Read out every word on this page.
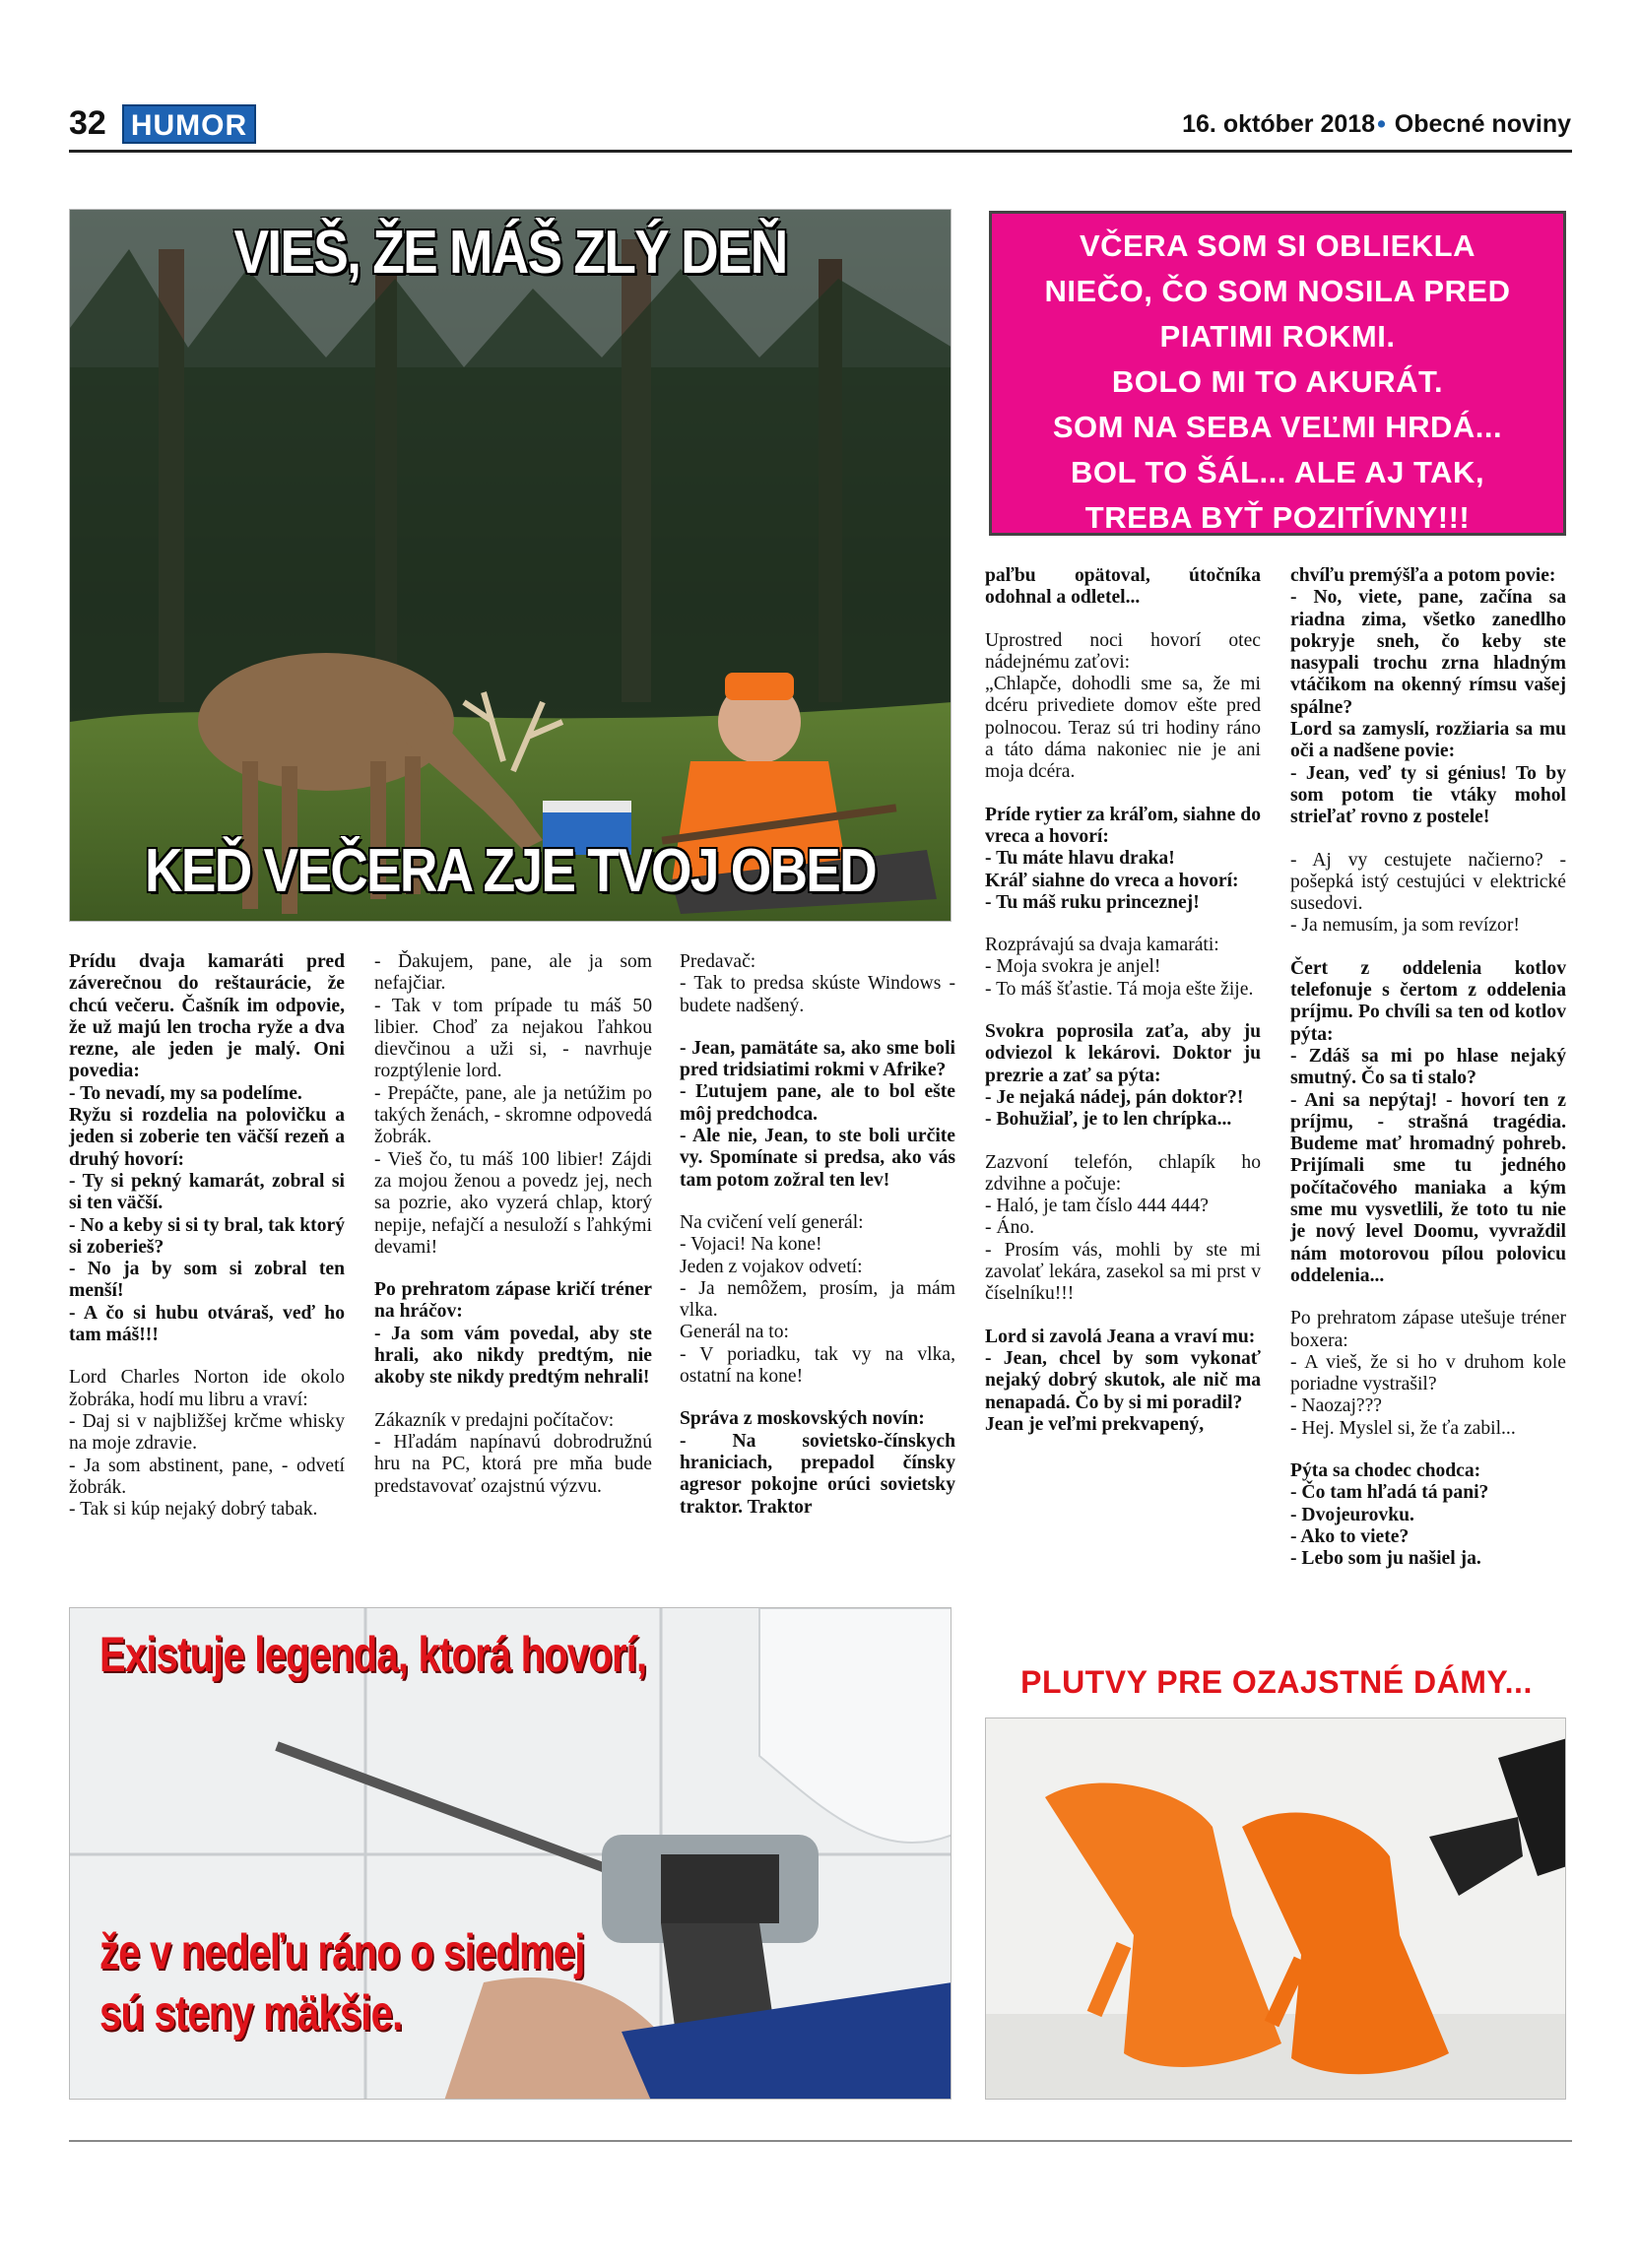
32 HUMOR	16. október 2018• Obecné noviny
VIEŠ, ŽE MÁŠ ZLÝ DEŇ
KEĎ VEČERA ZJE TVOJ OBED
VČERA SOM SI OBLIEKLA
NIEČO, ČO SOM NOSILA PRED
PIATIMI ROKMI.
BOLO MI TO AKURÁT.
SOM NA SEBA VEĽMI HRDÁ...
BOL TO ŠÁL... ALE AJ TAK,
TREBA BYŤ POZITÍVNY!!!

Prídu dvaja kamaráti pred záverečnou do reštaurácie, že chcú večeru. Čašník im odpovie, že už majú len trocha ryže a dva rezne, ale jeden je malý. Oni povedia:

- To nevadí, my sa podelíme.

Ryžu si rozdelia na polovičku a jeden si zoberie ten väčší rezeň a druhý hovorí:

- Ty si pekný kamarát, zobral si si ten väčší.

- No a keby si si ty bral, tak ktorý si zoberieš?

- No ja by som si zobral ten menší!

- A čo si hubu otváraš, veď ho tam máš!!!

Lord Charles Norton ide okolo žobráka, hodí mu libru a vraví:

- Daj si v najbližšej krčme whisky na moje zdravie.

- Ja som abstinent, pane, - odvetí žobrák.

- Tak si kúp nejaký dobrý tabak.

- Ďakujem, pane, ale ja som nefajčiar.

- Tak v tom prípade tu máš 50 libier. Choď za nejakou ľahkou dievčinou a uži si, - navrhuje rozptýlenie lord.

- Prepáčte, pane, ale ja netúžim po takých ženách, - skromne odpovedá žobrák.

- Vieš čo, tu máš 100 libier! Zájdi za mojou ženou a povedz jej, nech sa pozrie, ako vyzerá chlap, ktorý nepije, nefajčí a nesuloží s ľahkými devami!

Po prehratom zápase kričí tréner na hráčov:

- Ja som vám povedal, aby ste hrali, ako nikdy predtým, nie akoby ste nikdy predtým nehrali!

Zákazník v predajni počítačov:

- Hľadám napínavú dobrodružnú hru na PC, ktorá pre mňa bude predstavovať ozajstnú výzvu.

Predavač:

- Tak to predsa skúste Windows - budete nadšený.

- Jean, pamätáte sa, ako sme boli pred tridsiatimi rokmi v Afrike?

- Ľutujem pane, ale to bol ešte môj predchodca.

- Ale nie, Jean, to ste boli určite vy. Spomínate si predsa, ako vás tam potom zožral ten lev!

Na cvičení velí generál:

- Vojaci! Na kone!

Jeden z vojakov odvetí:

- Ja nemôžem, prosím, ja mám vlka.

Generál na to:

- V poriadku, tak vy na vlka, ostatní na kone!

Správa z moskovských novín:

- Na sovietsko-čínskych hraniciach, prepadol čínsky agresor pokojne orúci sovietsky traktor. Traktor

paľbu opätoval, útočníka odohnal a odletel...

Uprostred noci hovorí otec nádejnému zaťovi:

„Chlapče, dohodli sme sa, že mi dcéru privediete domov ešte pred polnocou. Teraz sú tri hodiny ráno a táto dáma nakoniec nie je ani moja dcéra.

Príde rytier za kráľom, siahne do vreca a hovorí:

- Tu máte hlavu draka!

Kráľ siahne do vreca a hovorí:

- Tu máš ruku princeznej!

Rozprávajú sa dvaja kamaráti:

- Moja svokra je anjel!

- To máš šťastie. Tá moja ešte žije.

Svokra poprosila zaťa, aby ju odviezol k lekárovi. Doktor ju prezrie a zať sa pýta:

- Je nejaká nádej, pán doktor?!

- Bohužiaľ, je to len chrípka...

Zazvoní telefón, chlapík ho zdvihne a počuje:

- Haló, je tam číslo 444 444?

- Áno.

- Prosím vás, mohli by ste mi zavolať lekára, zasekol sa mi prst v číselníku!!!

Lord si zavolá Jeana a vraví mu:

- Jean, chcel by som vykonať nejaký dobrý skutok, ale nič ma nenapadá. Čo by si mi poradil?

Jean je veľmi prekvapený,

chvíľu premýšľa a potom povie:

- No, viete, pane, začína sa riadna zima, všetko zanedlho pokryje sneh, čo keby ste nasypali trochu zrna hladným vtáčikom na okenný rímsu vašej spálne?

Lord sa zamyslí, rozžiaria sa mu oči a nadšene povie:

- Jean, veď ty si génius! To by som potom tie vtáky mohol strieľať rovno z postele!

- Aj vy cestujete načierno? - pošepká istý cestujúci v elektrické susedovi.

- Ja nemusím, ja som revízor!

Čert z oddelenia kotlov telefonuje s čertom z oddelenia príjmu. Po chvíli sa ten od kotlov pýta:

- Zdáš sa mi po hlase nejaký smutný. Čo sa ti stalo?

- Ani sa nepýtaj! - hovorí ten z príjmu, - strašná tragédia. Budeme mať hromadný pohreb. Prijímali sme tu jedného počítačového maniaka a kým sme mu vysvetlili, že toto tu nie je nový level Doomu, vyvraždil nám motorovou pílou polovicu oddelenia...

Po prehratom zápase utešuje tréner boxera:

- A vieš, že si ho v druhom kole poriadne vystrašil?

- Naozaj???

- Hej. Myslel si, že ťa zabil...

Pýta sa chodec chodca:

- Čo tam hľadá tá pani?

- Dvojeurovku.

- Ako to viete?

- Lebo som ju našiel ja.

Existuje legenda, ktorá hovorí,
že v nedeľu ráno o siedmej
sú steny mäkšie.
PLUTVY PRE OZAJSTNÉ DÁMY...
